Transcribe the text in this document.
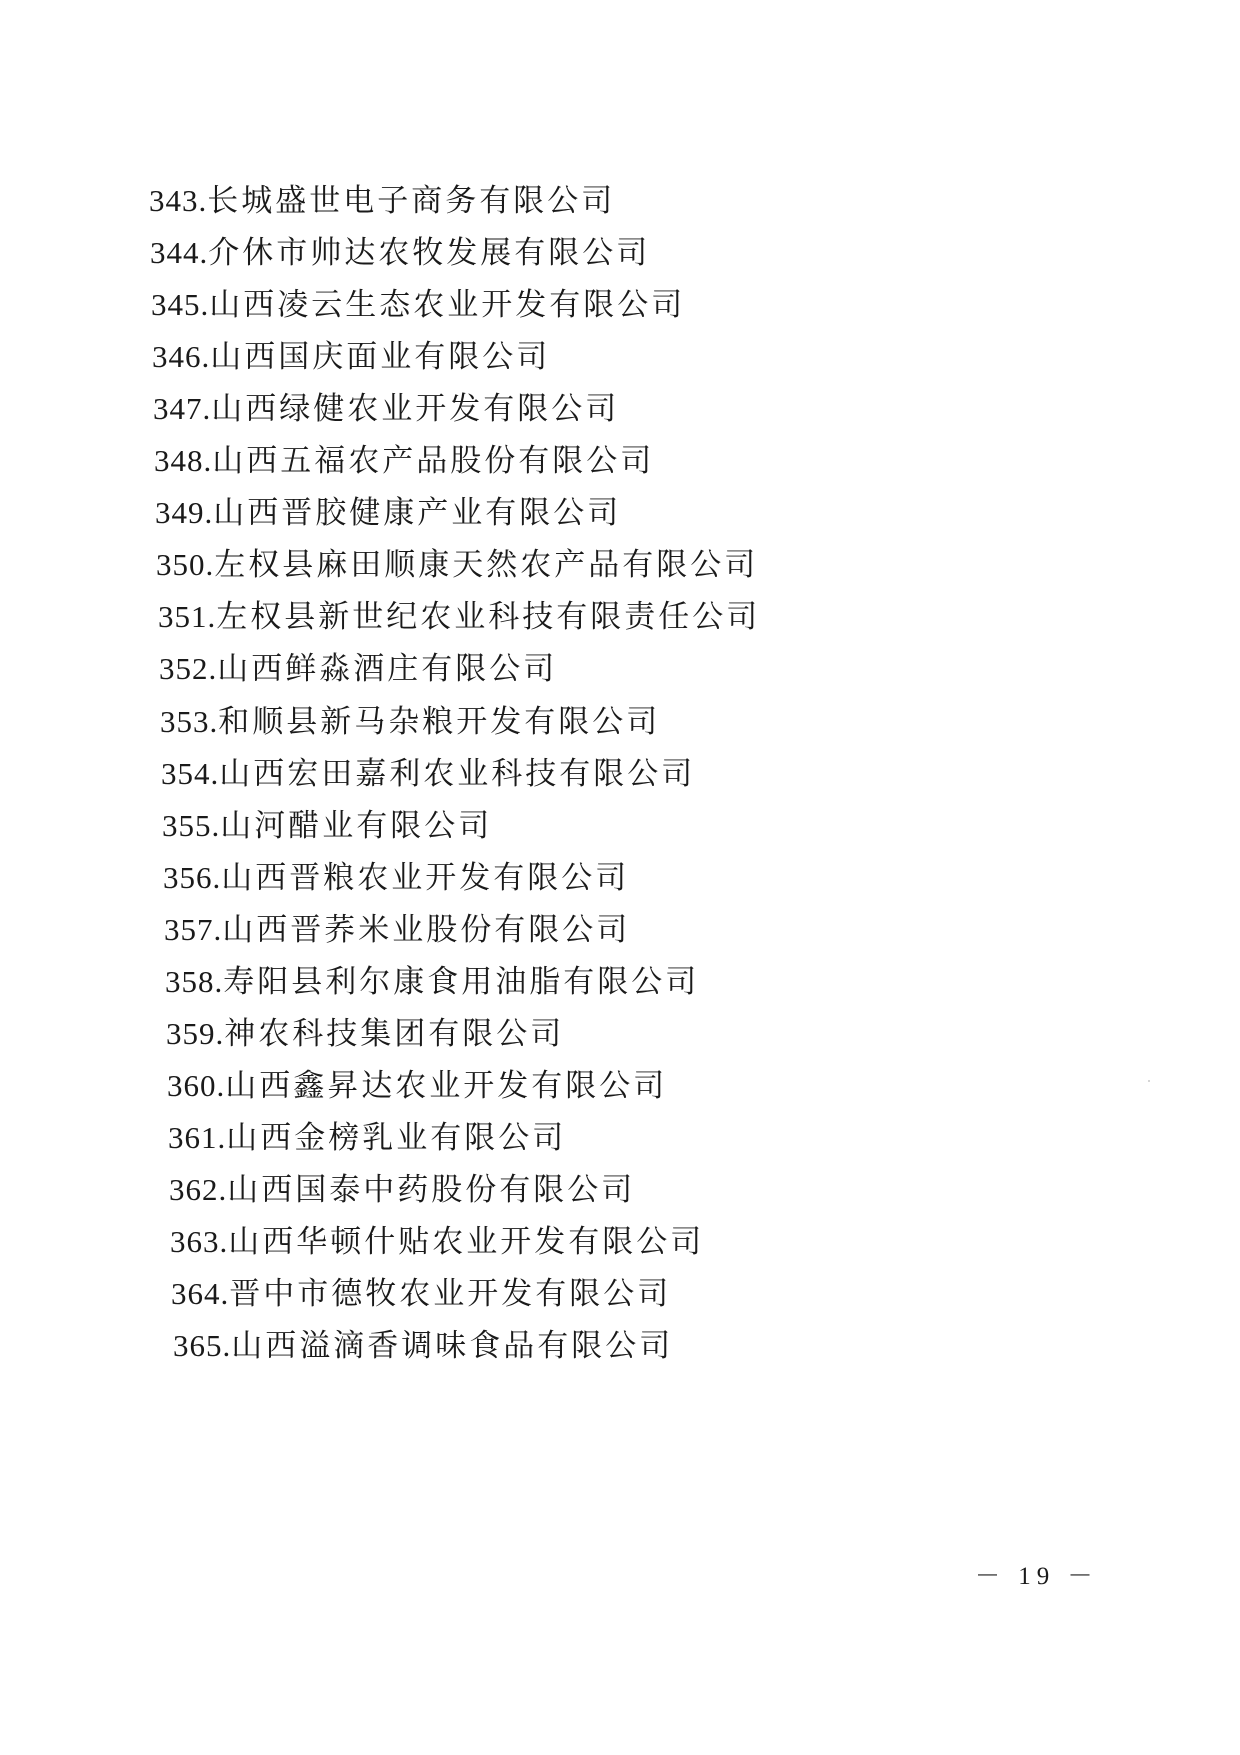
343.长城盛世电子商务有限公司
344.介休市帅达农牧发展有限公司
345.山西凌云生态农业开发有限公司
346.山西国庆面业有限公司
347.山西绿健农业开发有限公司
348.山西五福农产品股份有限公司
349.山西晋胶健康产业有限公司
350.左权县麻田顺康天然农产品有限公司
351.左权县新世纪农业科技有限责任公司
352.山西鲜淼酒庄有限公司
353.和顺县新马杂粮开发有限公司
354.山西宏田嘉利农业科技有限公司
355.山河醋业有限公司
356.山西晋粮农业开发有限公司
357.山西晋荞米业股份有限公司
358.寿阳县利尔康食用油脂有限公司
359.神农科技集团有限公司
360.山西鑫昇达农业开发有限公司
361.山西金榜乳业有限公司
362.山西国泰中药股份有限公司
363.山西华顿什贴农业开发有限公司
364.晋中市德牧农业开发有限公司
365.山西溢滴香调味食品有限公司
－ 19 －
